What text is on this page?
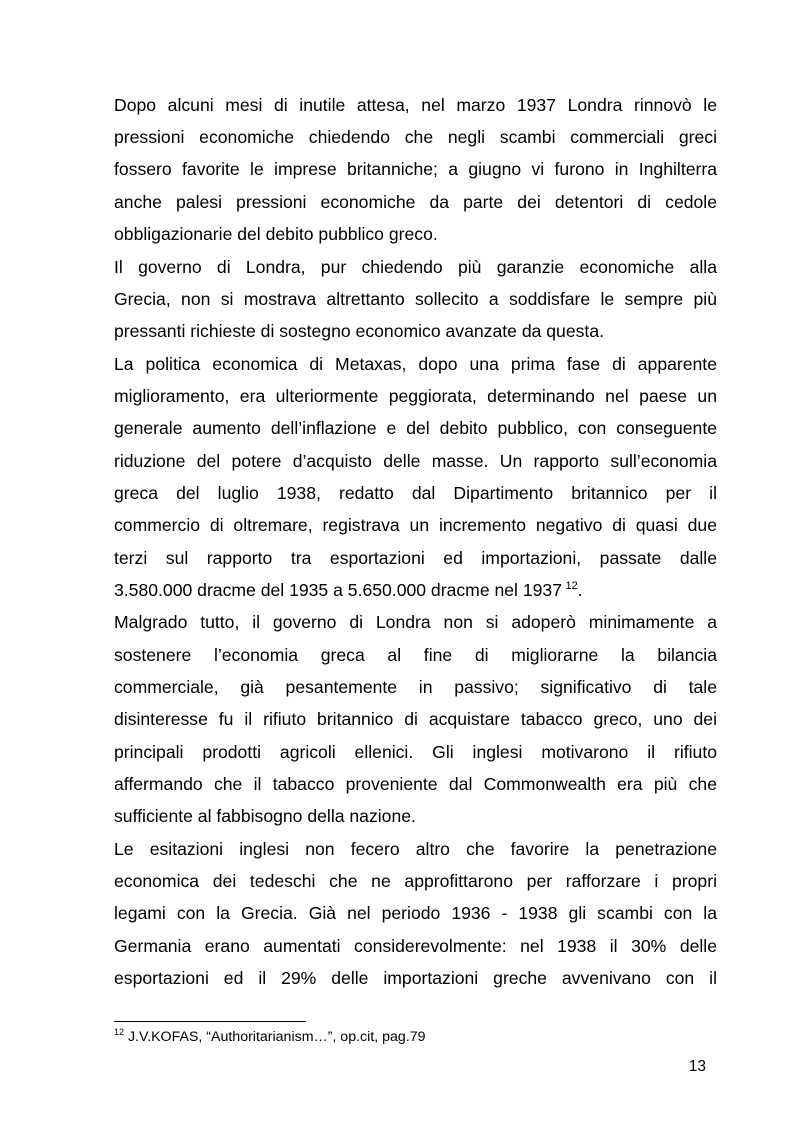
Dopo alcuni mesi di inutile attesa, nel marzo 1937 Londra rinnovò le
pressioni economiche chiedendo che negli scambi commerciali greci
fossero favorite le imprese britanniche; a giugno vi furono in Inghilterra
anche palesi pressioni economiche da parte dei detentori di cedole
obbligazionarie del debito pubblico greco.
Il governo di Londra, pur chiedendo più garanzie economiche alla
Grecia, non si mostrava altrettanto sollecito a soddisfare le sempre più
pressanti richieste di sostegno economico avanzate da questa.
La politica economica di Metaxas, dopo una prima fase di apparente
miglioramento, era ulteriormente peggiorata, determinando nel paese un
generale aumento dell’inflazione e del debito pubblico, con conseguente
riduzione del potere d’acquisto delle masse. Un rapporto sull’economia
greca del luglio 1938, redatto dal Dipartimento britannico per il
commercio di oltremare, registrava un incremento negativo di quasi due
terzi sul rapporto tra esportazioni ed importazioni, passate dalle
3.580.000 dracme del 1935 a 5.650.000 dracme nel 1937  $^{12}$.
Malgrado tutto, il governo di Londra non si adoperò minimamente a
sostenere l’economia greca al fine di migliorarne la bilancia
commerciale, già pesantemente in passivo; significativo di tale
disinteresse fu il rifiuto britannico di acquistare tabacco greco, uno dei
principali prodotti agricoli ellenici. Gli inglesi motivarono il rifiuto
affermando che il tabacco proveniente dal Commonwealth era più che
sufficiente al fabbisogno della nazione.
Le esitazioni inglesi non fecero altro che favorire la penetrazione
economica dei tedeschi che ne approfittarono per rafforzare i propri
legami con la Grecia. Già nel periodo 1936 - 1938 gli scambi con la
Germania erano aumentati considerevolmente: nel 1938 il 30% delle
esportazioni ed il 29% delle importazioni greche avvenivano con il
$^{12}$ J.V.KOFAS, “Authoritarianism…”, op.cit, pag.79
13
